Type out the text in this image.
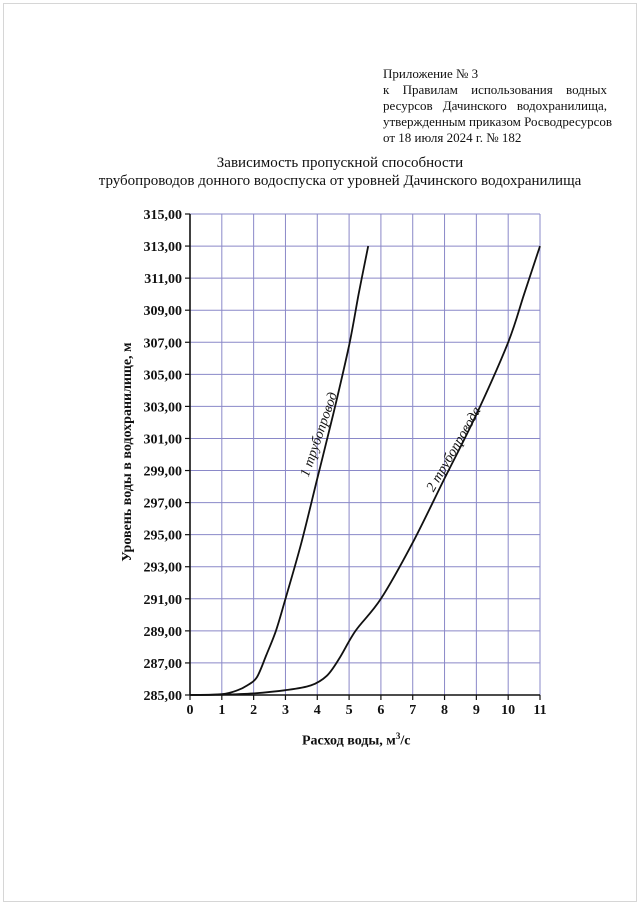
Приложение № 3
к Правилам использования водных
ресурсов Дачинского водохранилища,
утвержденным приказом Росводресурсов
от 18 июля 2024 г. № 182
Зависимость пропускной способности
трубопроводов донного водоспуска от уровней Дачинского водохранилища
0 1 2 3 4 5 6 7 8 9 10 11
285,00
287,00
289,00
291,00
293,00
295,00
297,00
299,00
301,00
303,00
305,00
307,00
309,00
311,00
313,00
315,00
Уровень воды в водохранилище, м
Расход воды, $м^3/с$
1 трубопровод	2 трубопровода
